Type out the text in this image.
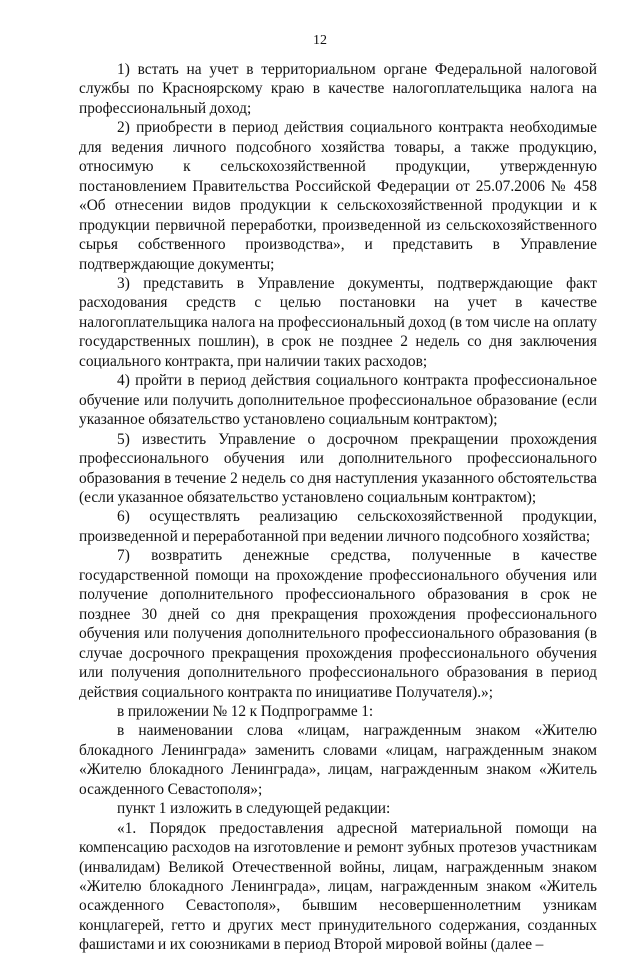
12

1) встать на учет в территориальном органе Федеральной налоговой службы по Красноярскому краю в качестве налогоплательщика налога на профессиональный доход;

2) приобрести в период действия социального контракта необходимые для ведения личного подсобного хозяйства товары, а также продукцию, относимую к сельскохозяйственной продукции, утвержденную постановлением Правительства Российской Федерации от 25.07.2006 № 458 «Об отнесении видов продукции к сельскохозяйственной продукции и к продукции первичной переработки, произведенной из сельскохозяйственного сырья собственного производства», и представить в Управление подтверждающие документы;

3) представить в Управление документы, подтверждающие факт расходования средств с целью постановки на учет в качестве налогоплательщика налога на профессиональный доход (в том числе на оплату государственных пошлин), в срок не позднее 2 недель со дня заключения социального контракта, при наличии таких расходов;

4) пройти в период действия социального контракта профессиональное обучение или получить дополнительное профессиональное образование (если указанное обязательство установлено социальным контрактом);

5) известить Управление о досрочном прекращении прохождения профессионального обучения или дополнительного профессионального образования в течение 2 недель со дня наступления указанного обстоятельства (если указанное обязательство установлено социальным контрактом);

6) осуществлять реализацию сельскохозяйственной продукции, произведенной и переработанной при ведении личного подсобного хозяйства;

7) возвратить денежные средства, полученные в качестве государственной помощи на прохождение профессионального обучения или получение дополнительного профессионального образования в срок не позднее 30 дней со дня прекращения прохождения профессионального обучения или получения дополнительного профессионального образования (в случае досрочного прекращения прохождения профессионального обучения или получения дополнительного профессионального образования в период действия социального контракта по инициативе Получателя).»;

в приложении № 12 к Подпрограмме 1:

в наименовании слова «лицам, награжденным знаком «Жителю блокадного Ленинграда» заменить словами «лицам, награжденным знаком «Жителю блокадного Ленинграда», лицам, награжденным знаком «Житель осажденного Севастополя»;

пункт 1 изложить в следующей редакции:

«1. Порядок предоставления адресной материальной помощи на компенсацию расходов на изготовление и ремонт зубных протезов участникам (инвалидам) Великой Отечественной войны, лицам, награжденным знаком «Жителю блокадного Ленинграда», лицам, награжденным знаком «Житель осажденного Севастополя», бывшим несовершеннолетним узникам концлагерей, гетто и других мест принудительного содержания, созданных фашистами и их союзниками в период Второй мировой войны (далее –
